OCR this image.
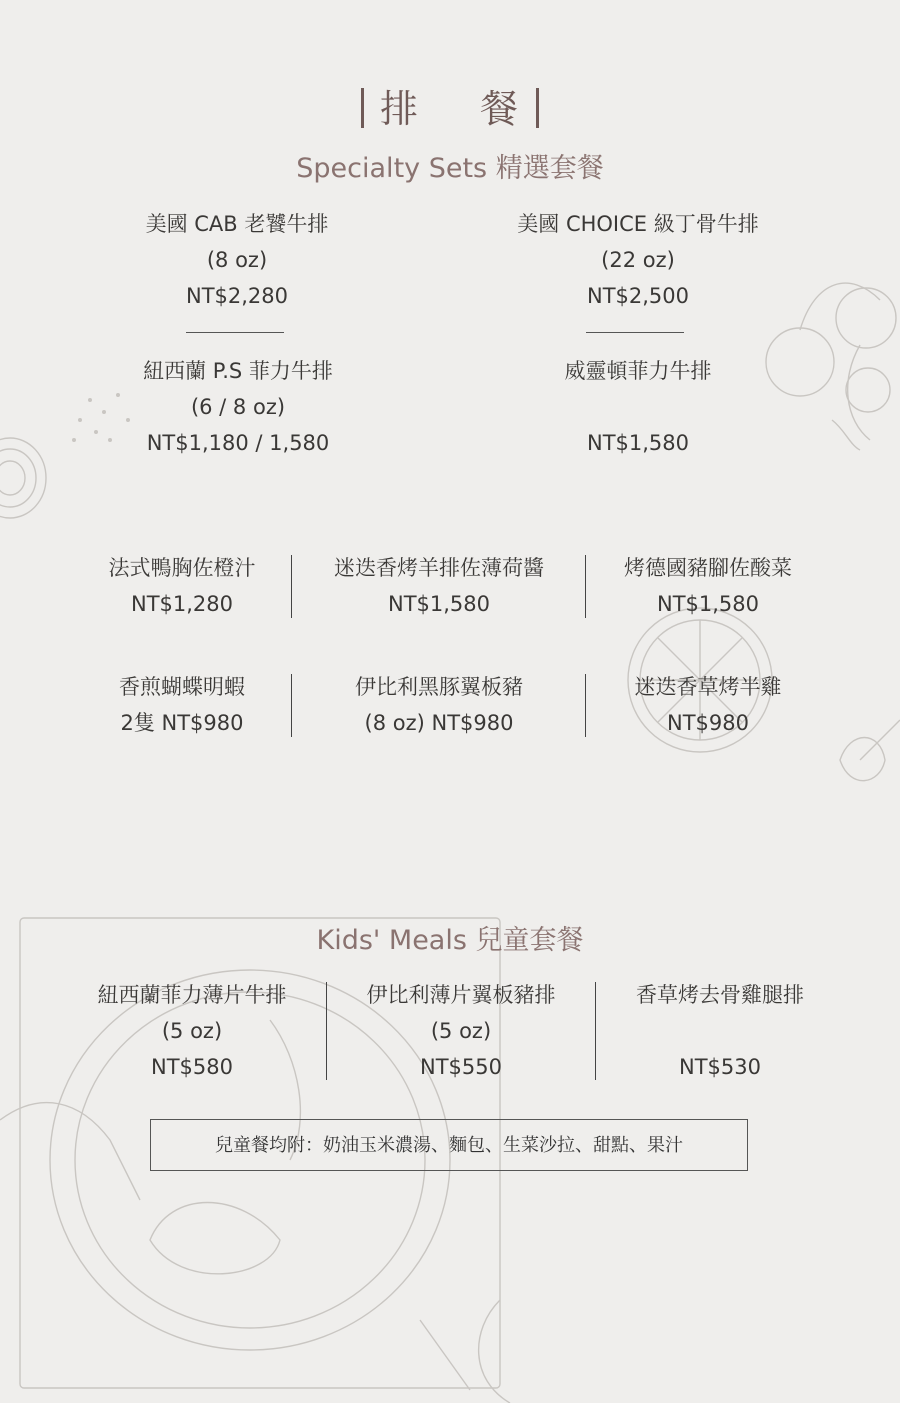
排 餐
Specialty Sets 精選套餐
美國 CAB 老饕牛排
(8 oz)
NT$2,280
美國 CHOICE 級丁骨牛排
(22 oz)
NT$2,500
紐西蘭 P.S 菲力牛排
(6 / 8 oz)
NT$1,180 / 1,580
威靈頓菲力牛排
NT$1,580
法式鴨胸佐橙汁
NT$1,280
迷迭香烤羊排佐薄荷醬
NT$1,580
烤德國豬腳佐酸菜
NT$1,580
香煎蝴蝶明蝦
2隻 NT$980
伊比利黑豚翼板豬
(8 oz) NT$980
迷迭香草烤半雞
NT$980
Kids' Meals 兒童套餐
紐西蘭菲力薄片牛排
(5 oz)
NT$580
伊比利薄片翼板豬排
(5 oz)
NT$550
香草烤去骨雞腿排
NT$530
兒童餐均附：奶油玉米濃湯、麵包、生菜沙拉、甜點、果汁
